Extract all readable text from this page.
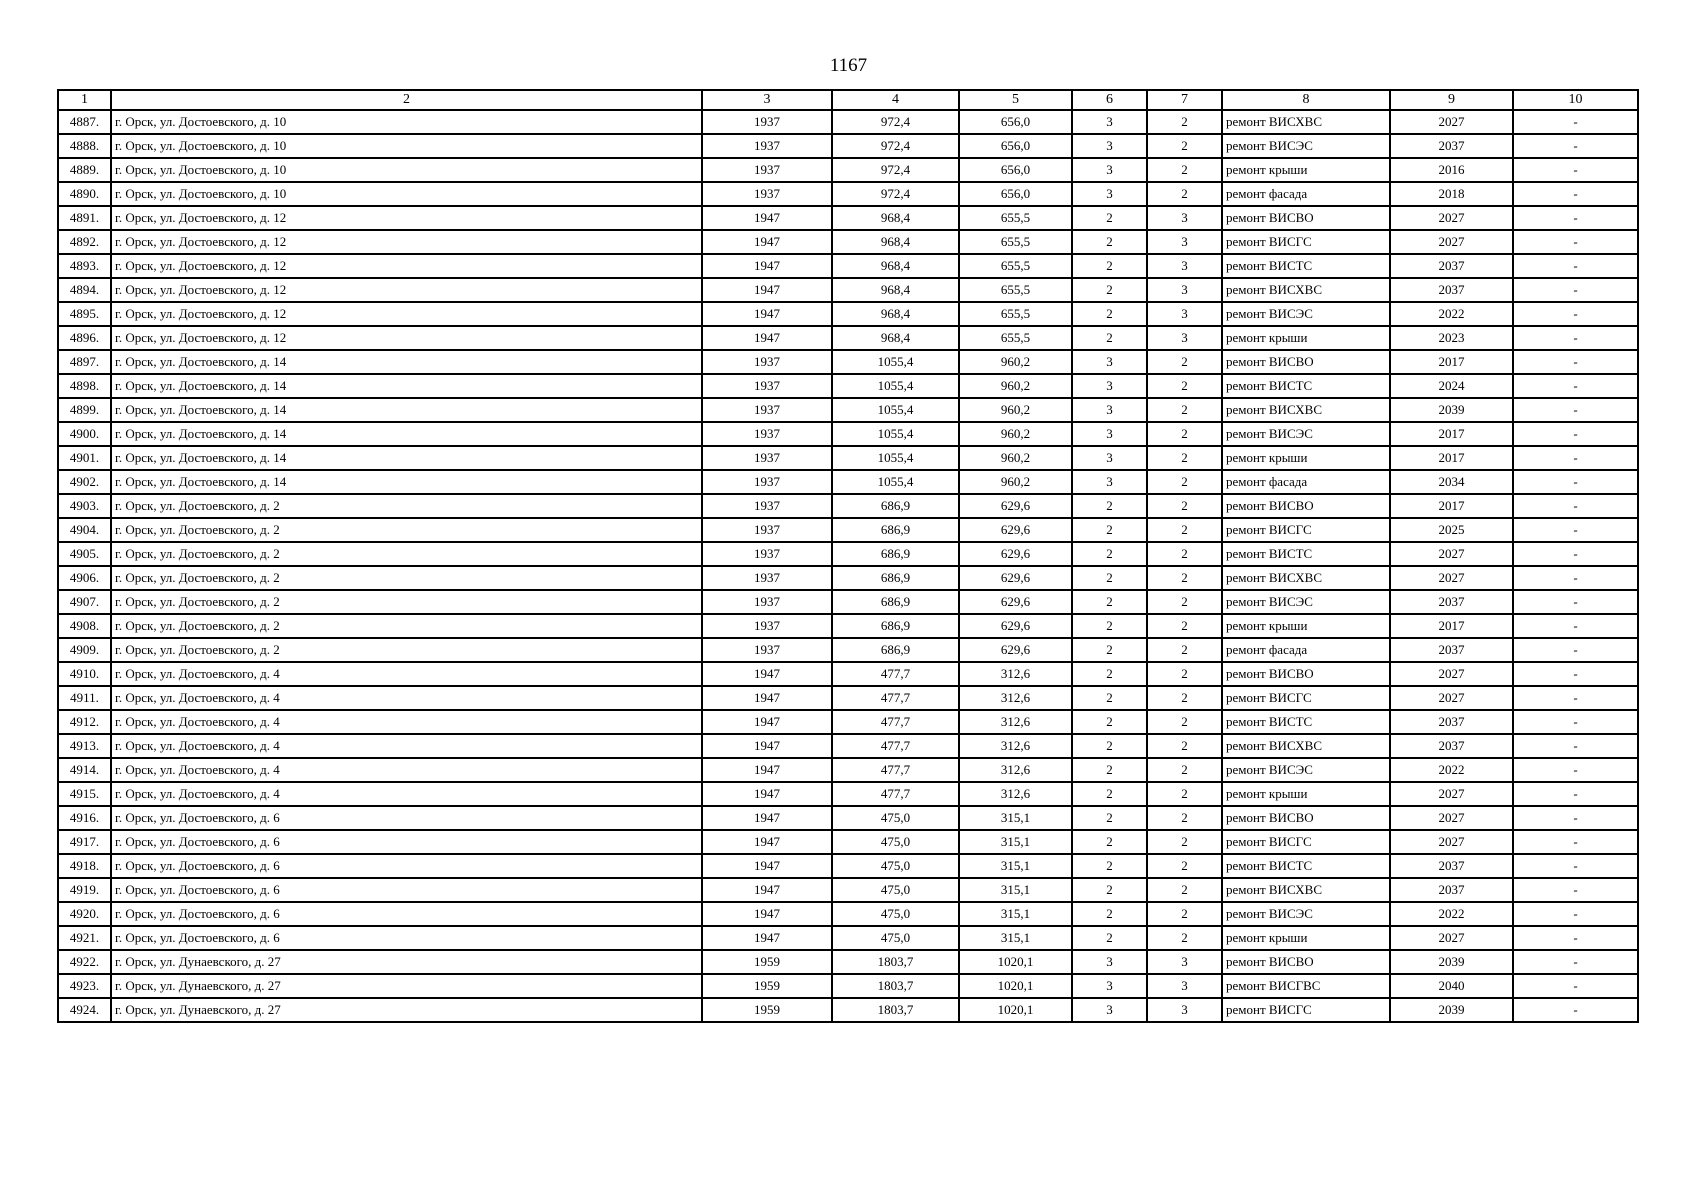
1167
1	2	3	4	5	6	7	8	9	10
4887.	г. Орск, ул. Достоевского, д. 10	1937	972,4	656,0	3	2	ремонт ВИСХВС	2027	-
4888.	г. Орск, ул. Достоевского, д. 10	1937	972,4	656,0	3	2	ремонт ВИСЭС	2037	-
4889.	г. Орск, ул. Достоевского, д. 10	1937	972,4	656,0	3	2	ремонт крыши	2016	-
4890.	г. Орск, ул. Достоевского, д. 10	1937	972,4	656,0	3	2	ремонт фасада	2018	-
4891.	г. Орск, ул. Достоевского, д. 12	1947	968,4	655,5	2	3	ремонт ВИСВО	2027	-
4892.	г. Орск, ул. Достоевского, д. 12	1947	968,4	655,5	2	3	ремонт ВИСГС	2027	-
4893.	г. Орск, ул. Достоевского, д. 12	1947	968,4	655,5	2	3	ремонт ВИСТС	2037	-
4894.	г. Орск, ул. Достоевского, д. 12	1947	968,4	655,5	2	3	ремонт ВИСХВС	2037	-
4895.	г. Орск, ул. Достоевского, д. 12	1947	968,4	655,5	2	3	ремонт ВИСЭС	2022	-
4896.	г. Орск, ул. Достоевского, д. 12	1947	968,4	655,5	2	3	ремонт крыши	2023	-
4897.	г. Орск, ул. Достоевского, д. 14	1937	1055,4	960,2	3	2	ремонт ВИСВО	2017	-
4898.	г. Орск, ул. Достоевского, д. 14	1937	1055,4	960,2	3	2	ремонт ВИСТС	2024	-
4899.	г. Орск, ул. Достоевского, д. 14	1937	1055,4	960,2	3	2	ремонт ВИСХВС	2039	-
4900.	г. Орск, ул. Достоевского, д. 14	1937	1055,4	960,2	3	2	ремонт ВИСЭС	2017	-
4901.	г. Орск, ул. Достоевского, д. 14	1937	1055,4	960,2	3	2	ремонт крыши	2017	-
4902.	г. Орск, ул. Достоевского, д. 14	1937	1055,4	960,2	3	2	ремонт фасада	2034	-
4903.	г. Орск, ул. Достоевского, д. 2	1937	686,9	629,6	2	2	ремонт ВИСВО	2017	-
4904.	г. Орск, ул. Достоевского, д. 2	1937	686,9	629,6	2	2	ремонт ВИСГС	2025	-
4905.	г. Орск, ул. Достоевского, д. 2	1937	686,9	629,6	2	2	ремонт ВИСТС	2027	-
4906.	г. Орск, ул. Достоевского, д. 2	1937	686,9	629,6	2	2	ремонт ВИСХВС	2027	-
4907.	г. Орск, ул. Достоевского, д. 2	1937	686,9	629,6	2	2	ремонт ВИСЭС	2037	-
4908.	г. Орск, ул. Достоевского, д. 2	1937	686,9	629,6	2	2	ремонт крыши	2017	-
4909.	г. Орск, ул. Достоевского, д. 2	1937	686,9	629,6	2	2	ремонт фасада	2037	-
4910.	г. Орск, ул. Достоевского, д. 4	1947	477,7	312,6	2	2	ремонт ВИСВО	2027	-
4911.	г. Орск, ул. Достоевского, д. 4	1947	477,7	312,6	2	2	ремонт ВИСГС	2027	-
4912.	г. Орск, ул. Достоевского, д. 4	1947	477,7	312,6	2	2	ремонт ВИСТС	2037	-
4913.	г. Орск, ул. Достоевского, д. 4	1947	477,7	312,6	2	2	ремонт ВИСХВС	2037	-
4914.	г. Орск, ул. Достоевского, д. 4	1947	477,7	312,6	2	2	ремонт ВИСЭС	2022	-
4915.	г. Орск, ул. Достоевского, д. 4	1947	477,7	312,6	2	2	ремонт крыши	2027	-
4916.	г. Орск, ул. Достоевского, д. 6	1947	475,0	315,1	2	2	ремонт ВИСВО	2027	-
4917.	г. Орск, ул. Достоевского, д. 6	1947	475,0	315,1	2	2	ремонт ВИСГС	2027	-
4918.	г. Орск, ул. Достоевского, д. 6	1947	475,0	315,1	2	2	ремонт ВИСТС	2037	-
4919.	г. Орск, ул. Достоевского, д. 6	1947	475,0	315,1	2	2	ремонт ВИСХВС	2037	-
4920.	г. Орск, ул. Достоевского, д. 6	1947	475,0	315,1	2	2	ремонт ВИСЭС	2022	-
4921.	г. Орск, ул. Достоевского, д. 6	1947	475,0	315,1	2	2	ремонт крыши	2027	-
4922.	г. Орск, ул. Дунаевского, д. 27	1959	1803,7	1020,1	3	3	ремонт ВИСВО	2039	-
4923.	г. Орск, ул. Дунаевского, д. 27	1959	1803,7	1020,1	3	3	ремонт ВИСГВС	2040	-
4924.	г. Орск, ул. Дунаевского, д. 27	1959	1803,7	1020,1	3	3	ремонт ВИСГС	2039	-
